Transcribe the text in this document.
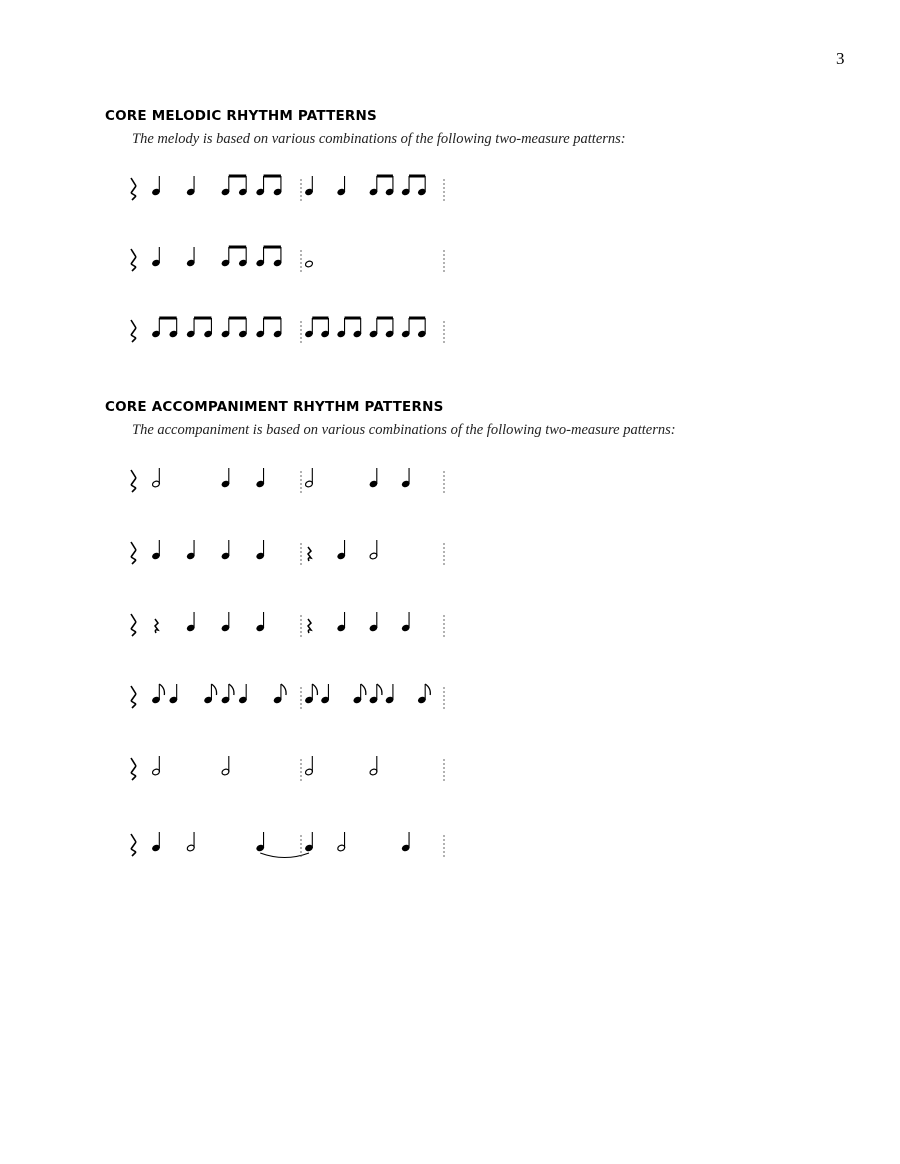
3
CORE MELODIC RHYTHM PATTERNS
The melody is based on various combinations of the following two-measure patterns:
CORE ACCOMPANIMENT RHYTHM PATTERNS
The accompaniment is based on various combinations of the following two-measure patterns:
